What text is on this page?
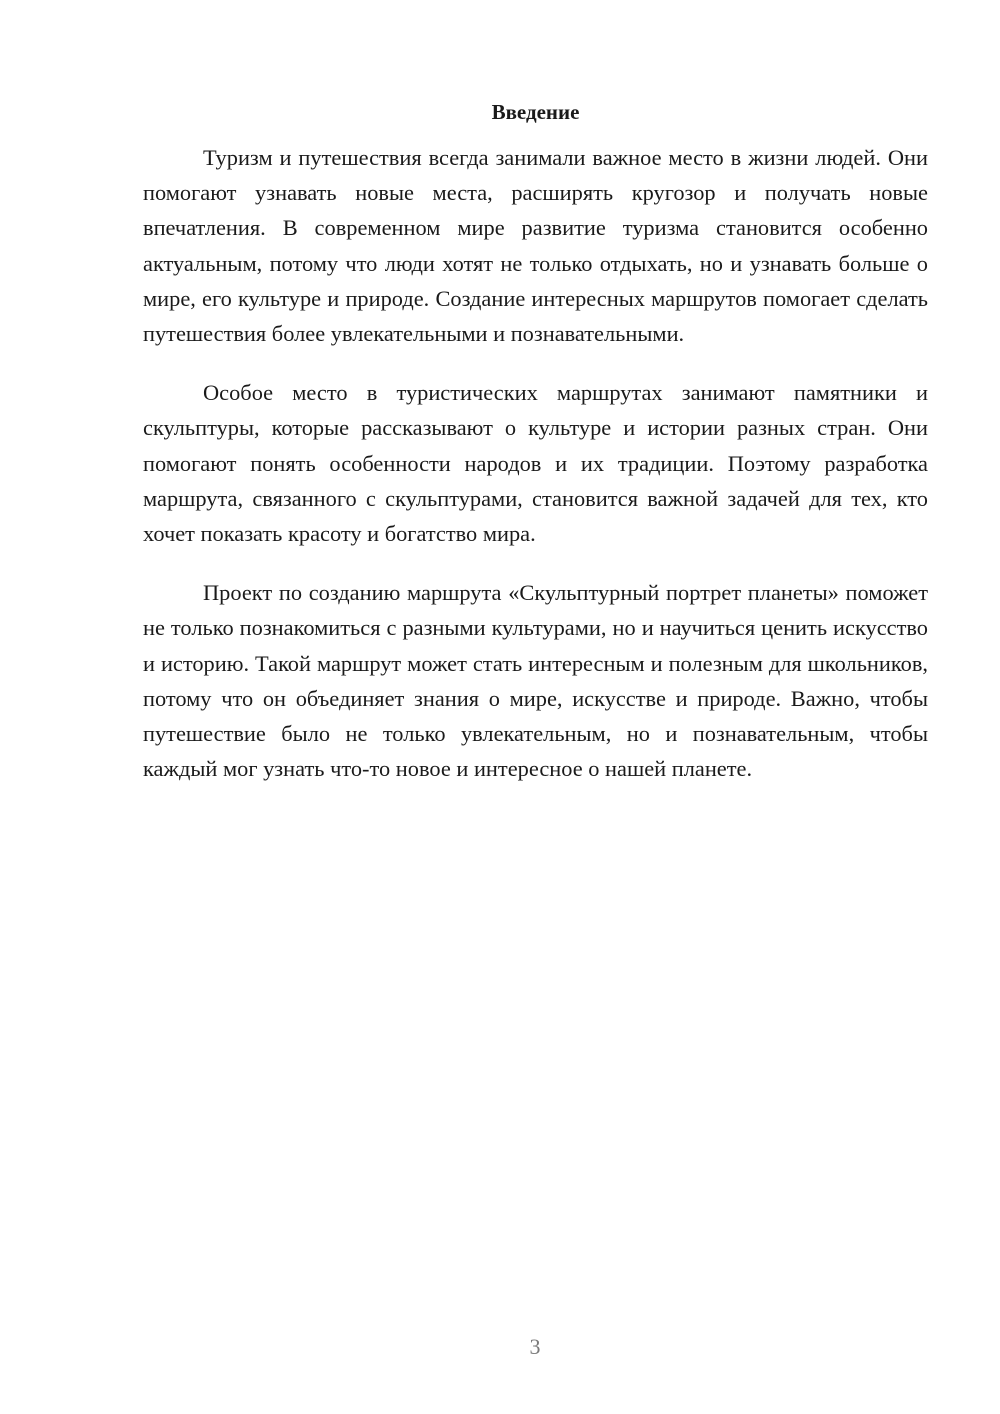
Введение

Туризм и путешествия всегда занимали важное место в жизни людей. Они помогают узнавать новые места, расширять кругозор и получать новые впечатления. В современном мире развитие туризма становится особенно актуальным, потому что люди хотят не только отдыхать, но и узнавать больше о мире, его культуре и природе. Создание интересных маршрутов помогает сделать путешествия более увлекательными и познавательными.

Особое место в туристических маршрутах занимают памятники и скульптуры, которые рассказывают о культуре и истории разных стран. Они помогают понять особенности народов и их традиции. Поэтому разработка маршрута, связанного с скульптурами, становится важной задачей для тех, кто хочет показать красоту и богатство мира.

Проект по созданию маршрута «Скульптурный портрет планеты» поможет не только познакомиться с разными культурами, но и научиться ценить искусство и историю. Такой маршрут может стать интересным и полезным для школьников, потому что он объединяет знания о мире, искусстве и природе. Важно, чтобы путешествие было не только увлекательным, но и познавательным, чтобы каждый мог узнать что-то новое и интересное о нашей планете.

3
